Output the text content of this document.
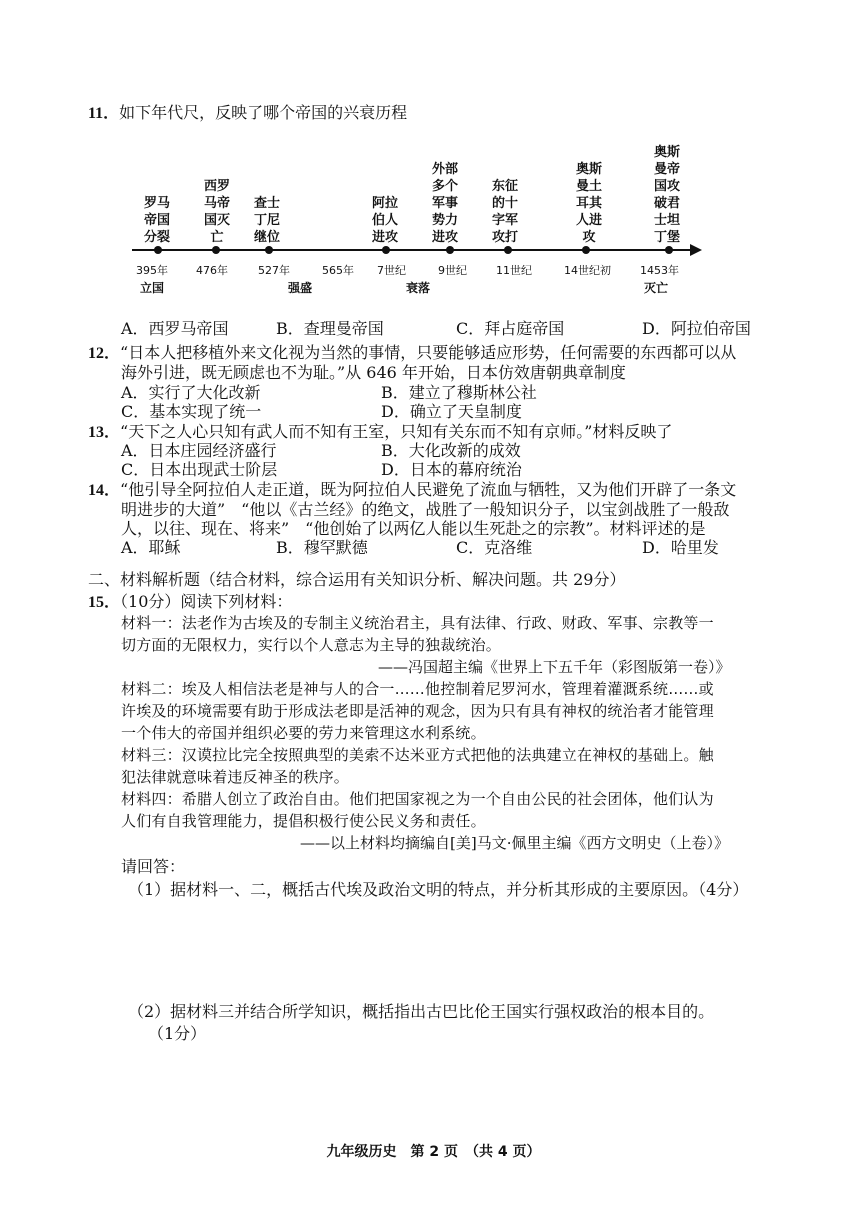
11．如下年代尺，反映了哪个帝国的兴衰历程
罗马
帝国
分裂
西罗
马帝
国灭
亡
查士
丁尼
继位
阿拉
伯人
进攻
外部
多个
军事
势力
进攻
东征
的十
字军
攻打
奥斯
曼土
耳其
人进
攻
奥斯
曼帝
国攻
破君
士坦
丁堡
395年	476年	527年	565年 7世纪	9世纪	11世纪	14世纪初	1453年
立国	强盛	衰落	灭亡
A．西罗马帝国	B．查理曼帝国	C．拜占庭帝国	D．阿拉伯帝国
12．“日本人把移植外来文化视为当然的事情，只要能够适应形势，任何需要的东西都可以从
海外引进，既无顾虑也不为耻。”从 646 年开始，日本仿效唐朝典章制度
A．实行了大化改新	B．建立了穆斯林公社
C．基本实现了统一	D．确立了天皇制度
13．“天下之人心只知有武人而不知有王室，只知有关东而不知有京师。”材料反映了
A．日本庄园经济盛行	B．大化改新的成效
C．日本出现武士阶层	D．日本的幕府统治
14．“他引导全阿拉伯人走正道，既为阿拉伯人民避免了流血与牺牲，又为他们开辟了一条文
明进步的大道”　“他以《古兰经》的绝文，战胜了一般知识分子，以宝剑战胜了一般敌
人，以往、现在、将来”　“他创始了以两亿人能以生死赴之的宗教”。材料评述的是
A．耶稣	B．穆罕默德	C．克洛维	D．哈里发
二、材料解析题（结合材料，综合运用有关知识分析、解决问题。共 29分）
15．（10分）阅读下列材料：
材料一：法老作为古埃及的专制主义统治君主，具有法律、行政、财政、军事、宗教等一
切方面的无限权力，实行以个人意志为主导的独裁统治。
——冯国超主编《世界上下五千年（彩图版第一卷）》
材料二：埃及人相信法老是神与人的合一……他控制着尼罗河水，管理着灌溉系统……或
许埃及的环境需要有助于形成法老即是活神的观念，因为只有具有神权的统治者才能管理
一个伟大的帝国并组织必要的劳力来管理这水利系统。
材料三：汉谟拉比完全按照典型的美索不达米亚方式把他的法典建立在神权的基础上。触
犯法律就意味着违反神圣的秩序。
材料四：希腊人创立了政治自由。他们把国家视之为一个自由公民的社会团体，他们认为
人们有自我管理能力，提倡积极行使公民义务和责任。
——以上材料均摘编自[美]马文·佩里主编《西方文明史（上卷）》
请回答：
（1）据材料一、二，概括古代埃及政治文明的特点，并分析其形成的主要原因。（4分）
（2）据材料三并结合所学知识，概括指出古巴比伦王国实行强权政治的根本目的。
（1分）
九年级历史　第 2 页　（共 4 页）
